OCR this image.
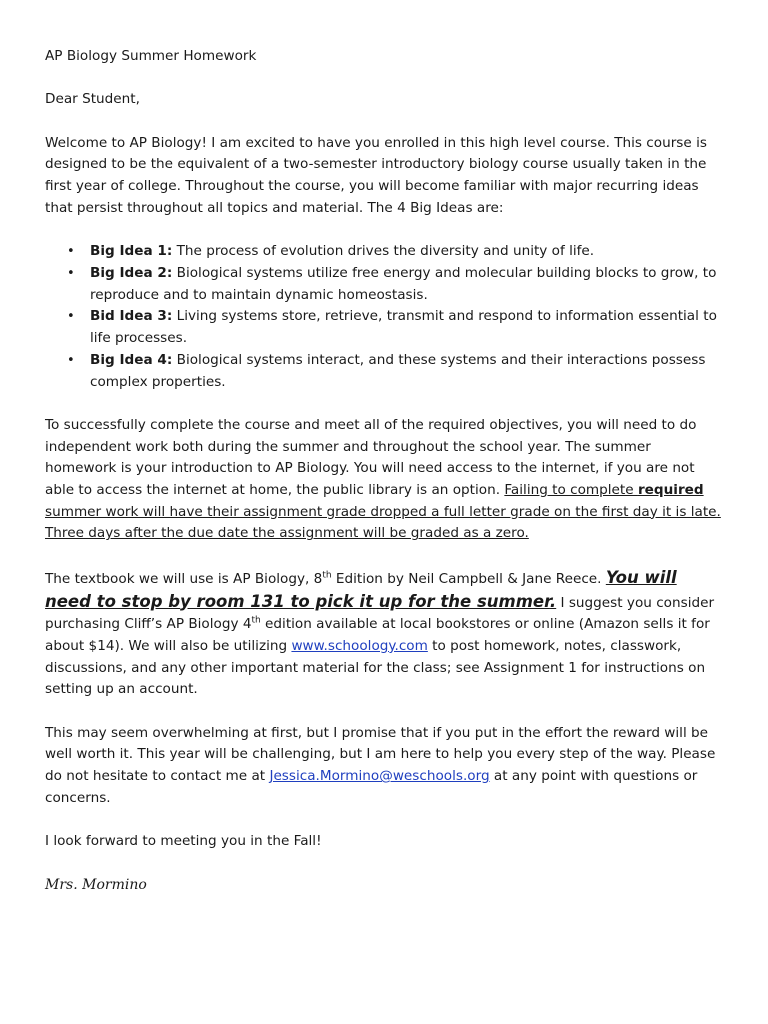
AP Biology Summer Homework

Dear Student,

Welcome to AP Biology! I am excited to have you enrolled in this high level course. This course is designed to be the equivalent of a two-semester introductory biology course usually taken in the first year of college. Throughout the course, you will become familiar with major recurring ideas that persist throughout all topics and material. The 4 Big Ideas are:

• Big Idea 1: The process of evolution drives the diversity and unity of life.
• Big Idea 2: Biological systems utilize free energy and molecular building blocks to grow, to reproduce and to maintain dynamic homeostasis.
• Bid Idea 3: Living systems store, retrieve, transmit and respond to information essential to life processes.
• Big Idea 4: Biological systems interact, and these systems and their interactions possess complex properties.

To successfully complete the course and meet all of the required objectives, you will need to do independent work both during the summer and throughout the school year. The summer homework is your introduction to AP Biology. You will need access to the internet, if you are not able to access the internet at home, the public library is an option. Failing to complete required summer work will have their assignment grade dropped a full letter grade on the first day it is late. Three days after the due date the assignment will be graded as a zero.

The textbook we will use is AP Biology, 8th Edition by Neil Campbell & Jane Reece. You will need to stop by room 131 to pick it up for the summer. I suggest you consider purchasing Cliff’s AP Biology 4th edition available at local bookstores or online (Amazon sells it for about $14). We will also be utilizing www.schoology.com to post homework, notes, classwork, discussions, and any other important material for the class; see Assignment 1 for instructions on setting up an account.

This may seem overwhelming at first, but I promise that if you put in the effort the reward will be well worth it. This year will be challenging, but I am here to help you every step of the way. Please do not hesitate to contact me at Jessica.Mormino@weschools.org at any point with questions or concerns.

I look forward to meeting you in the Fall!

Mrs. Mormino
